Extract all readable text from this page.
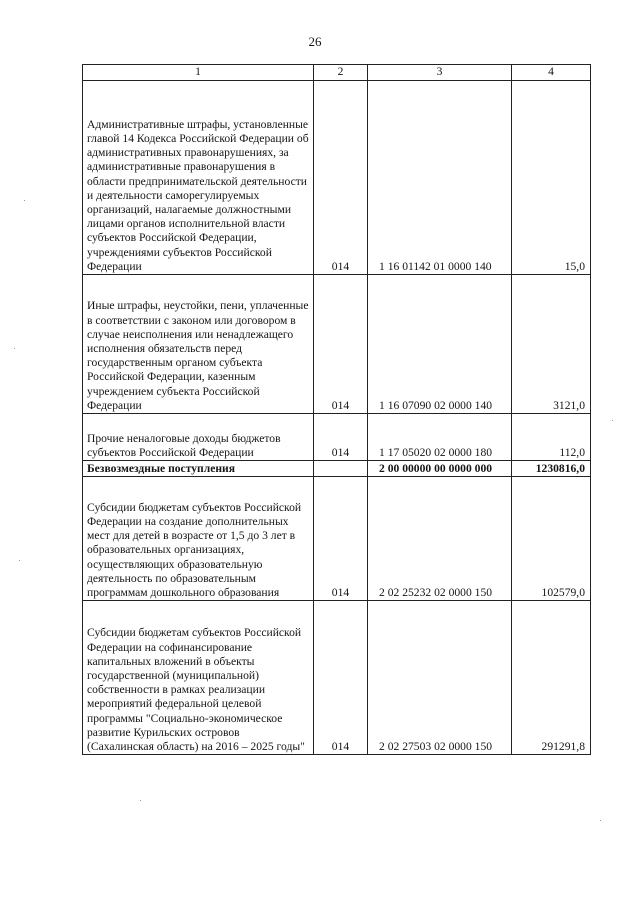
26
1	2	3	4
Административные штрафы, установленные главой 14 Кодекса Российской Федерации об административных правонарушениях, за административные правонарушения в области предпринимательской деятельности и деятельности саморегулируемых организаций, налагаемые должностными лицами органов исполнительной власти субъектов Российской Федерации, учреждениями субъектов Российской Федерации	014	1 16 01142 01 0000 140	15,0
Иные штрафы, неустойки, пени, уплаченные в соответствии с законом или договором в случае неисполнения или ненадлежащего исполнения обязательств перед государственным органом субъекта Российской Федерации, казенным учреждением субъекта Российской Федерации	014	1 16 07090 02 0000 140	3121,0
Прочие неналоговые доходы бюджетов субъектов Российской Федерации	014	1 17 05020 02 0000 180	112,0
Безвозмездные поступления		2 00 00000 00 0000 000	1230816,0
Субсидии бюджетам субъектов Российской Федерации на создание дополнительных мест для детей в возрасте от 1,5 до 3 лет в образовательных организациях, осуществляющих образовательную деятельность по образовательным программам дошкольного образования	014	2 02 25232 02 0000 150	102579,0
Субсидии бюджетам субъектов Российской Федерации на софинансирование капитальных вложений в объекты государственной (муниципальной) собственности в рамках реализации мероприятий федеральной целевой программы "Социально-экономическое развитие Курильских островов (Сахалинская область) на 2016 – 2025 годы"	014	2 02 27503 02 0000 150	291291,8
